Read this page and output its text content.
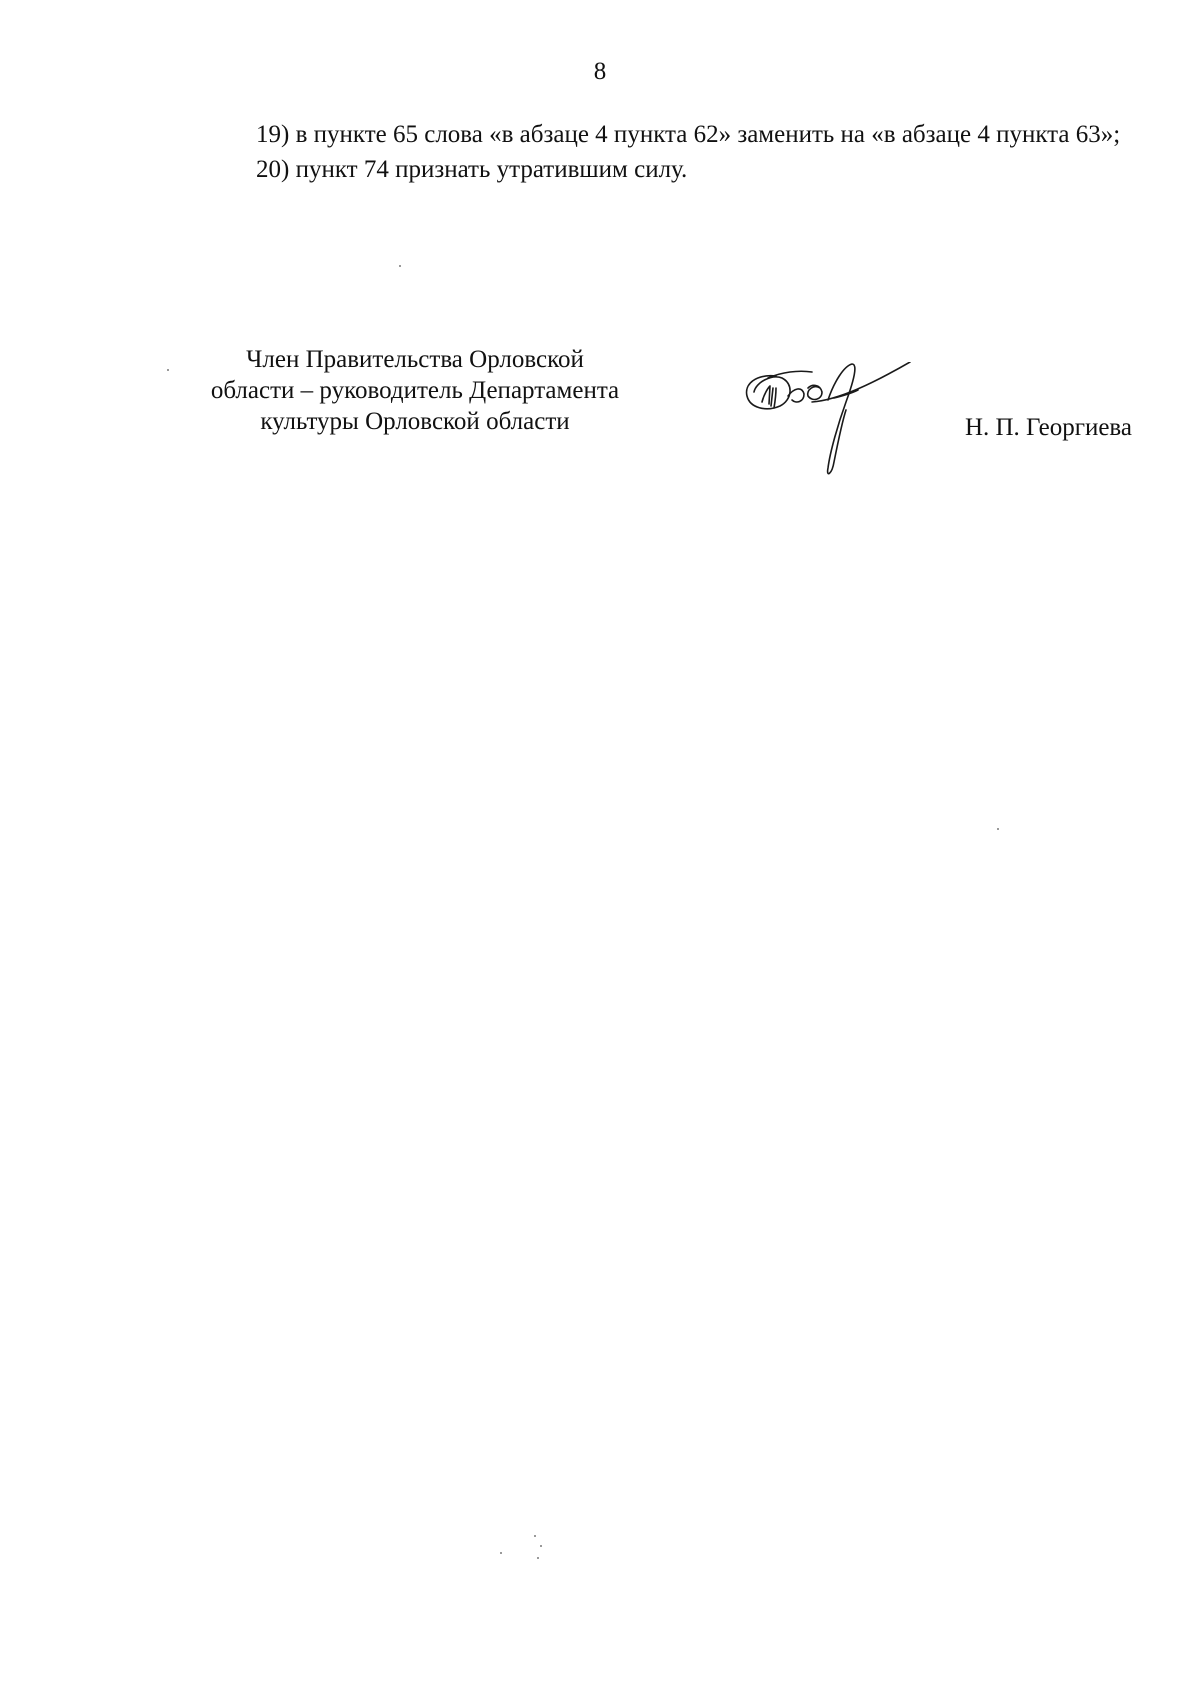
8

19) в пункте 65 слова «в абзаце 4 пункта 62» заменить на «в абзаце 4 пункта 63»;

20) пункт 74 признать утратившим силу.

Член Правительства Орловской
области – руководитель Департамента
культуры Орловской области	Н. П. Георгиева
